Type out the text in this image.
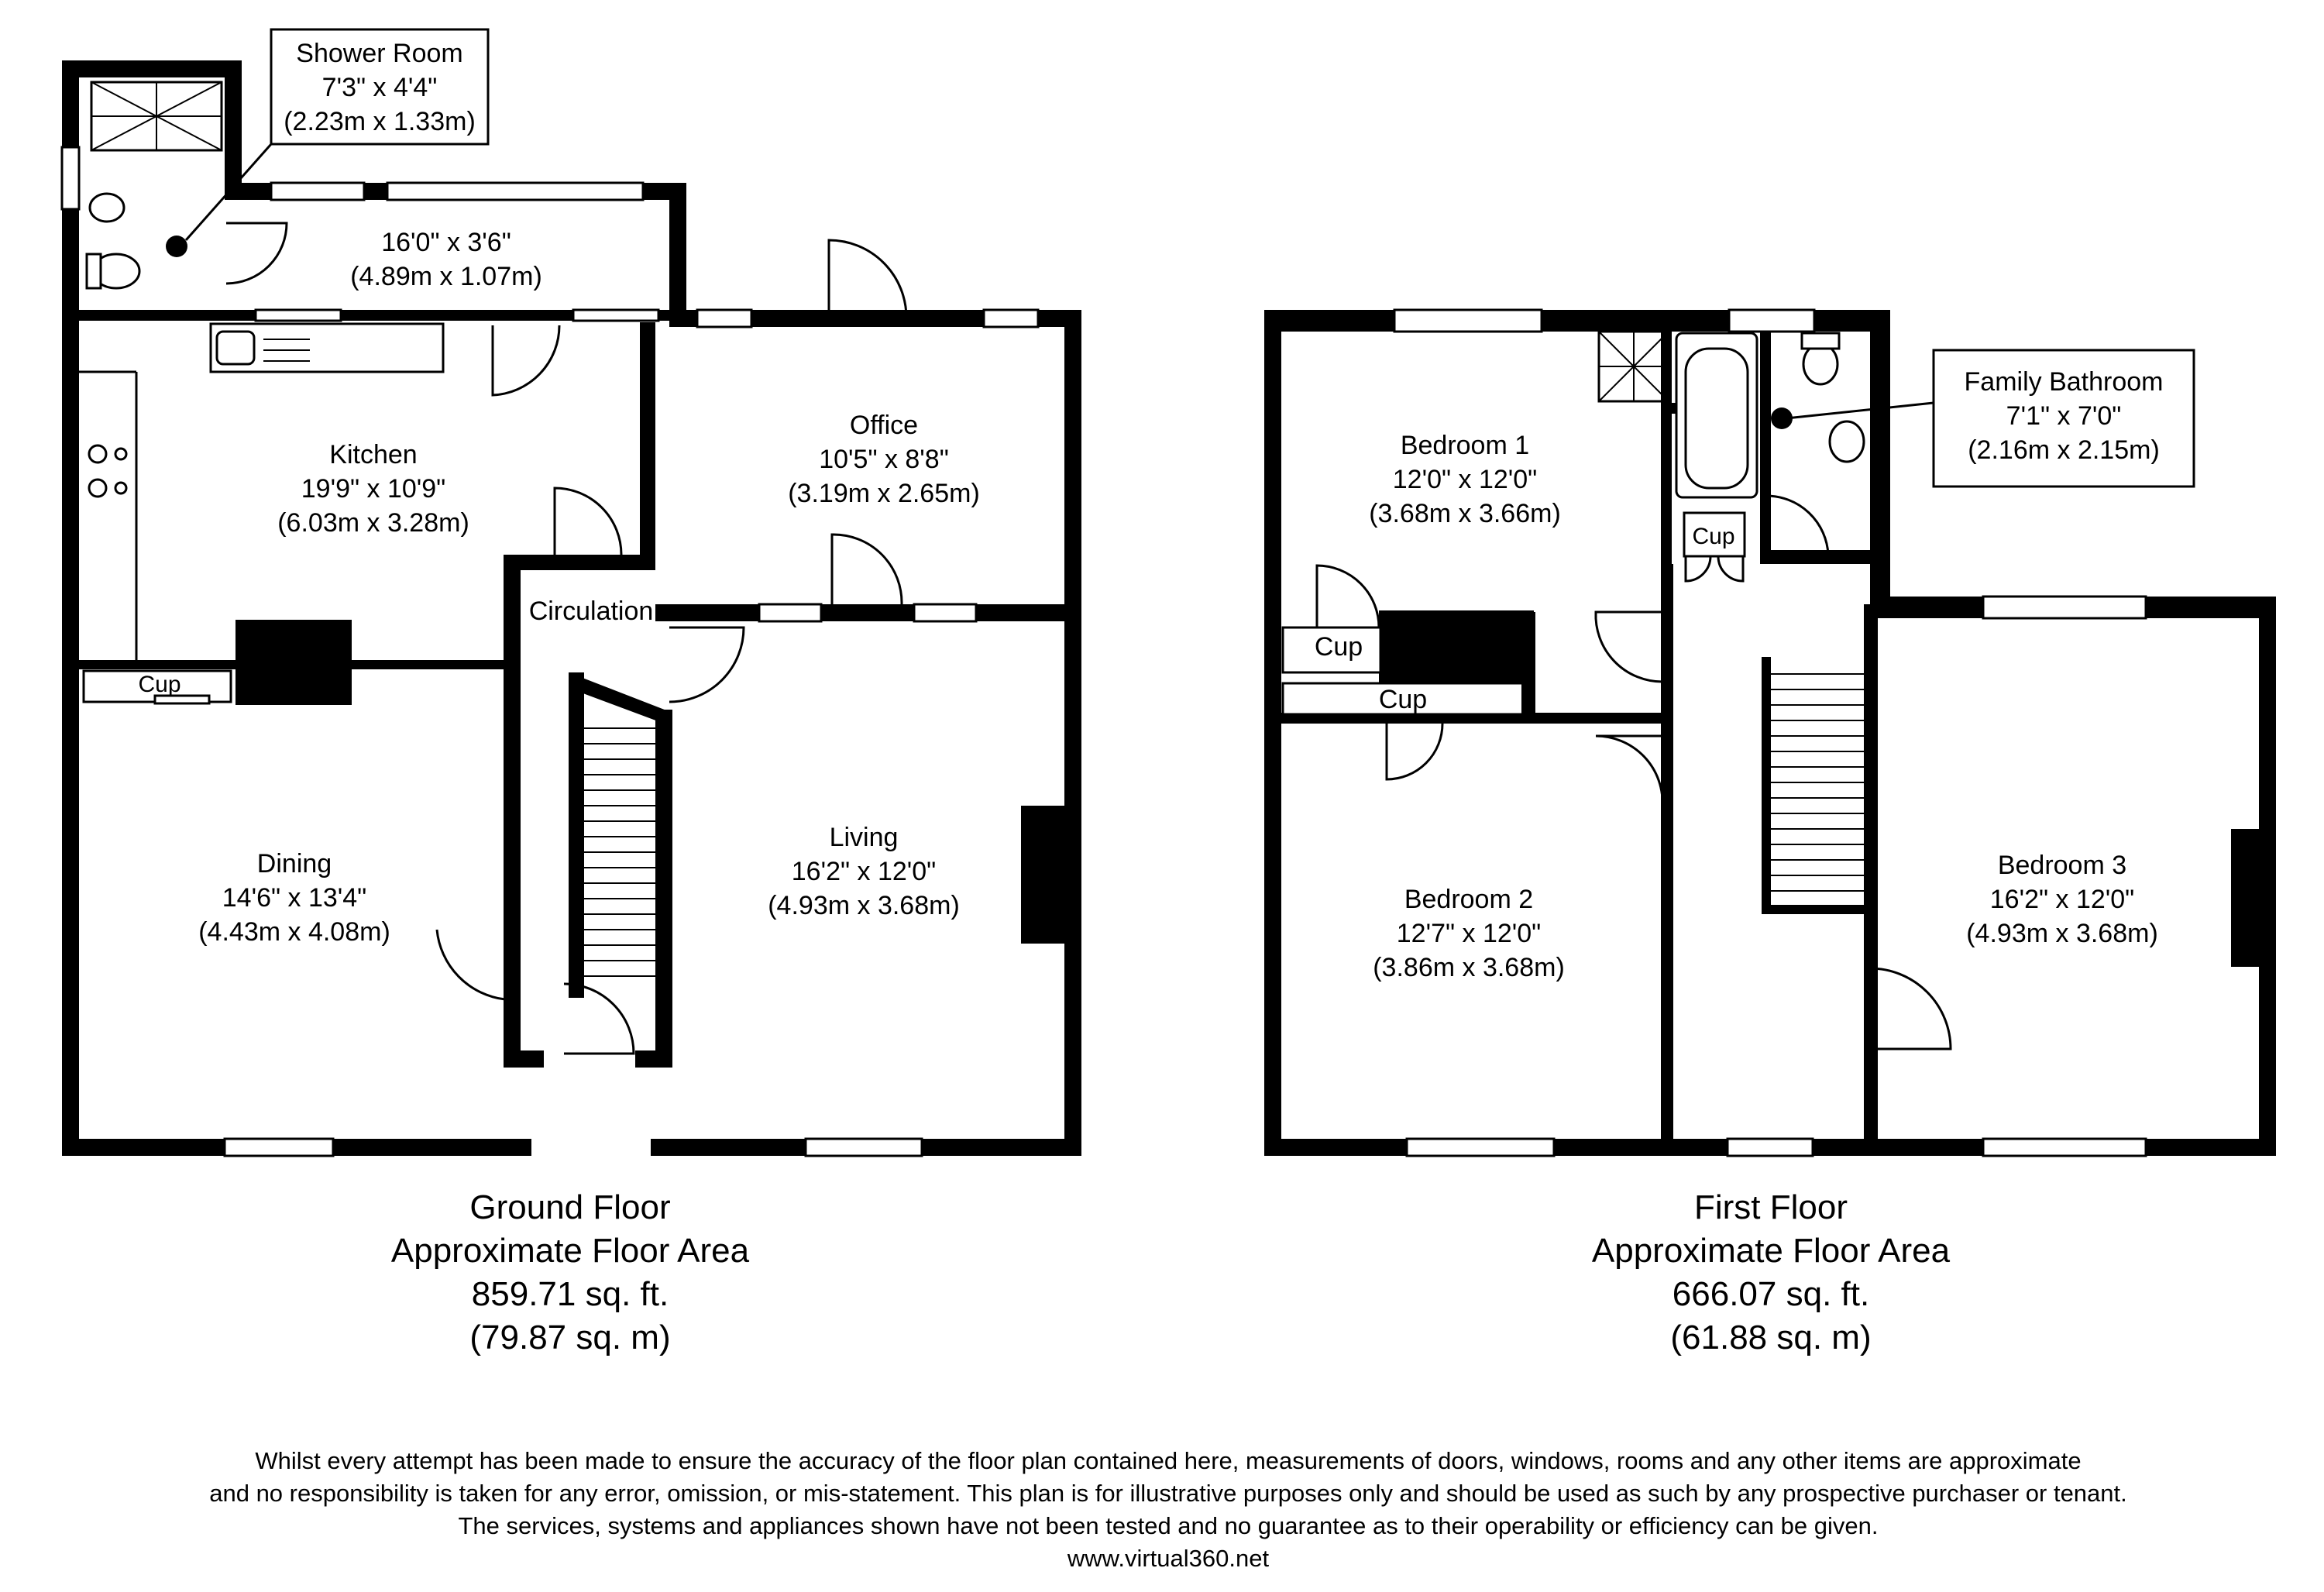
Shower Room
7'3" x 4'4"
(2.23m x 1.33m)
16'0" x 3'6"
(4.89m x 1.07m)
Kitchen
19'9" x 10'9"
(6.03m x 3.28m)
Office
10'5" x 8'8"
(3.19m x 2.65m)
Circulation
Cup
Dining
14'6" x 13'4"
(4.43m x 4.08m)
Living
16'2" x 12'0"
(4.93m x 3.68m)
Family Bathroom
7'1" x 7'0"
(2.16m x 2.15m)
Bedroom 1
12'0" x 12'0"
(3.68m x 3.66m)
Cup
Cup
Cup
Bedroom 2
12'7" x 12'0"
(3.86m x 3.68m)
Bedroom 3
16'2" x 12'0"
(4.93m x 3.68m)
Ground Floor
Approximate Floor Area
859.71 sq. ft.
(79.87 sq. m)
First Floor
Approximate Floor Area
666.07 sq. ft.
(61.88 sq. m)
Whilst every attempt has been made to ensure the accuracy of the floor plan contained here, measurements of doors, windows, rooms and any other items are approximate
and no responsibility is taken for any error, omission, or mis-statement. This plan is for illustrative purposes only and should be used as such by any prospective purchaser or tenant.
The services, systems and appliances shown have not been tested and no guarantee as to their operability or efficiency can be given.
www.virtual360.net
